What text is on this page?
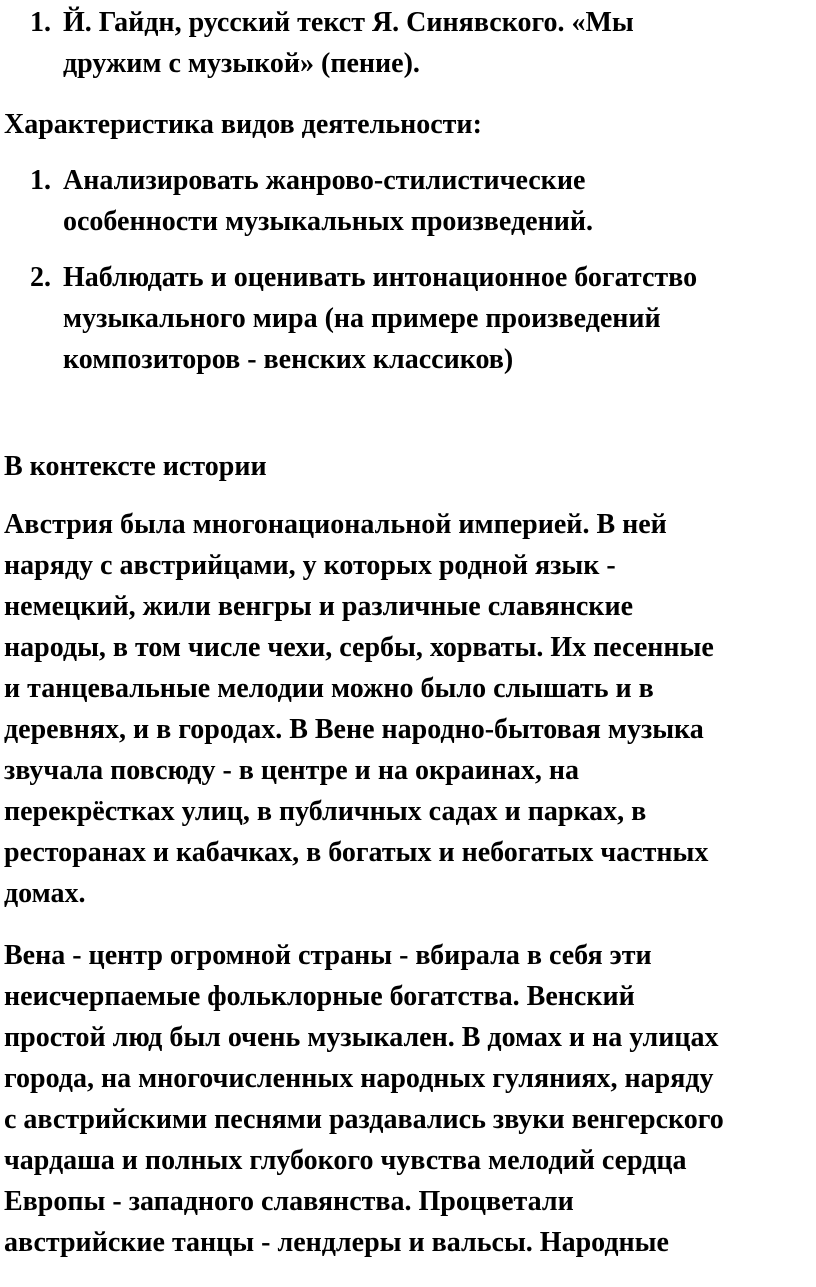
1. Й. Гайдн, русский текст Я. Синявского. «Мы
дружим с музыкой» (пение).
Характеристика видов деятельности:
1. Анализировать жанрово-стилистические
особенности музыкальных произведений.
2. Наблюдать и оценивать интонационное богатство
музыкального мира (на примере произведений
композиторов - венских классиков)
В контексте истории
Австрия была многонациональной империей. В ней
наряду с австрийцами, у которых родной язык -
немецкий, жили венгры и различные славянские
народы, в том числе чехи, сербы, хорваты. Их песенные
и танцевальные мелодии можно было слышать и в
деревнях, и в городах. В Вене народно-бытовая музыка
звучала повсюду - в центре и на окраинах, на
перекрёстках улиц, в публичных садах и парках, в
ресторанах и кабачках, в богатых и небогатых частных
домах.
Вена - центр огромной страны - вбирала в себя эти
неисчерпаемые фольклорные богатства. Венский
простой люд был очень музыкален. В домах и на улицах
города, на многочисленных народных гуляниях, наряду
с австрийскими песнями раздавались звуки венгерского
чардаша и полных глубокого чувства мелодий сердца
Европы - западного славянства. Процветали
австрийские танцы - лендлеры и вальсы. Народные
